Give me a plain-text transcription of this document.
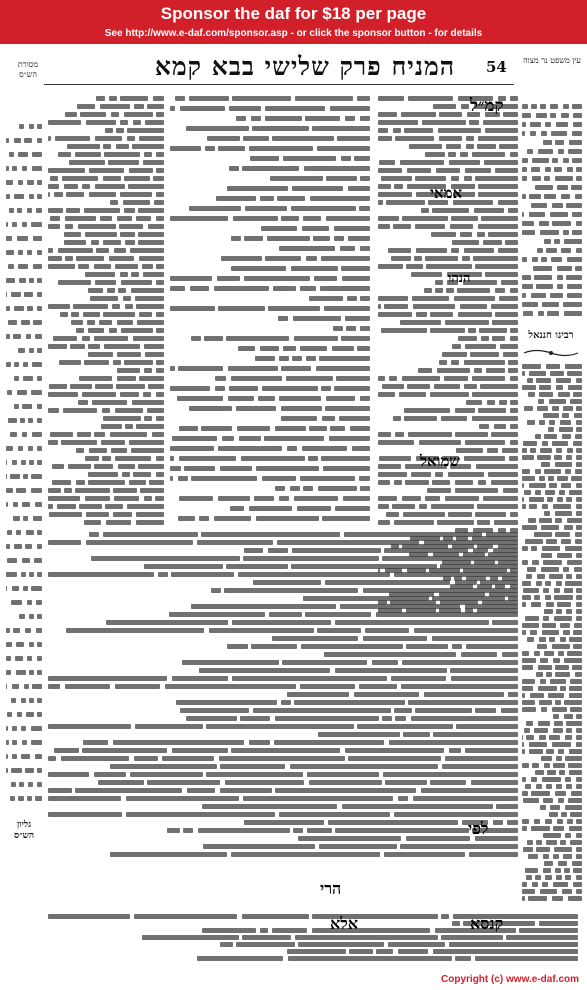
Sponsor the daf for $18 per page
See http://www.e-daf.com/sponsor.asp - or click the sponsor button - for details
מסורת הש״ס	המניח פרק שלישי בבא קמא	54	עין משפט נר מצוה
רבינו חננאל
גליון הש״ס
קמ״ל
אמאי
שמואל
הנהו
לפי
הרי
קנסא
אלא
Copyright (c) www.e-daf.com
